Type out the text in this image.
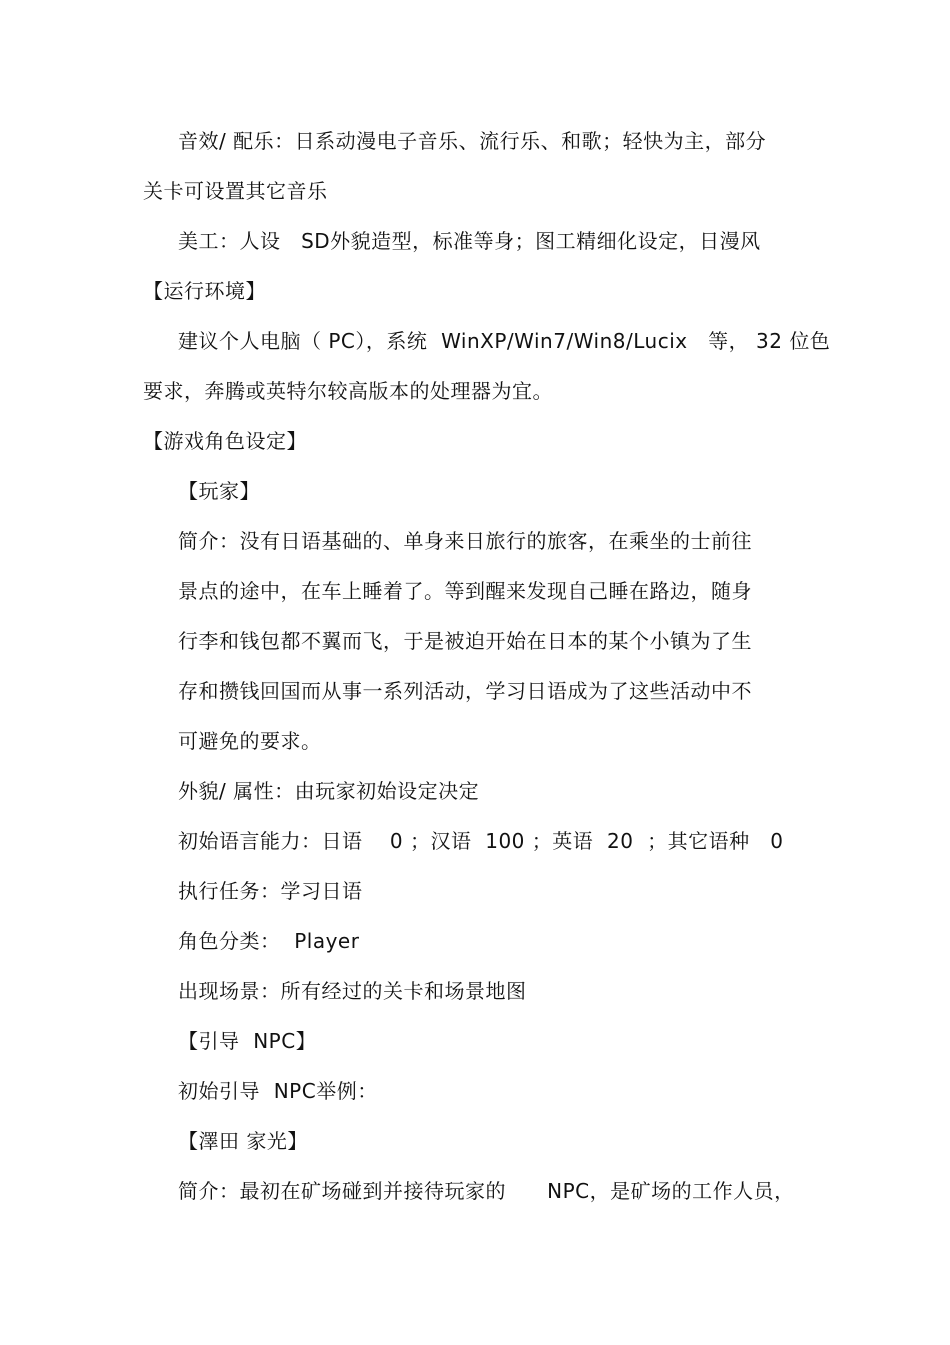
音效/ 配乐：日系动漫电子音乐、流行乐、和歌；轻快为主，部分
关卡可设置其它音乐
美工：人设   SD外貌造型，标准等身；图工精细化设定，日漫风
【运行环境】
建议个人电脑（ PC），系统  WinXP/Win7/Win8/Lucix   等， 32 位色
要求，奔腾或英特尔较高版本的处理器为宜。
【游戏角色设定】
【玩家】
简介：没有日语基础的、单身来日旅行的旅客，在乘坐的士前往
景点的途中，在车上睡着了。等到醒来发现自己睡在路边，随身
行李和钱包都不翼而飞，于是被迫开始在日本的某个小镇为了生
存和攒钱回国而从事一系列活动，学习日语成为了这些活动中不
可避免的要求。
外貌/ 属性：由玩家初始设定决定
初始语言能力：日语    0 ；汉语  100 ；英语  20  ；其它语种   0
执行任务：学习日语
角色分类：  Player
出现场景：所有经过的关卡和场景地图
【引导  NPC】
初始引导  NPC举例：
【澤田 家光】
简介：最初在矿场碰到并接待玩家的      NPC，是矿场的工作人员，
